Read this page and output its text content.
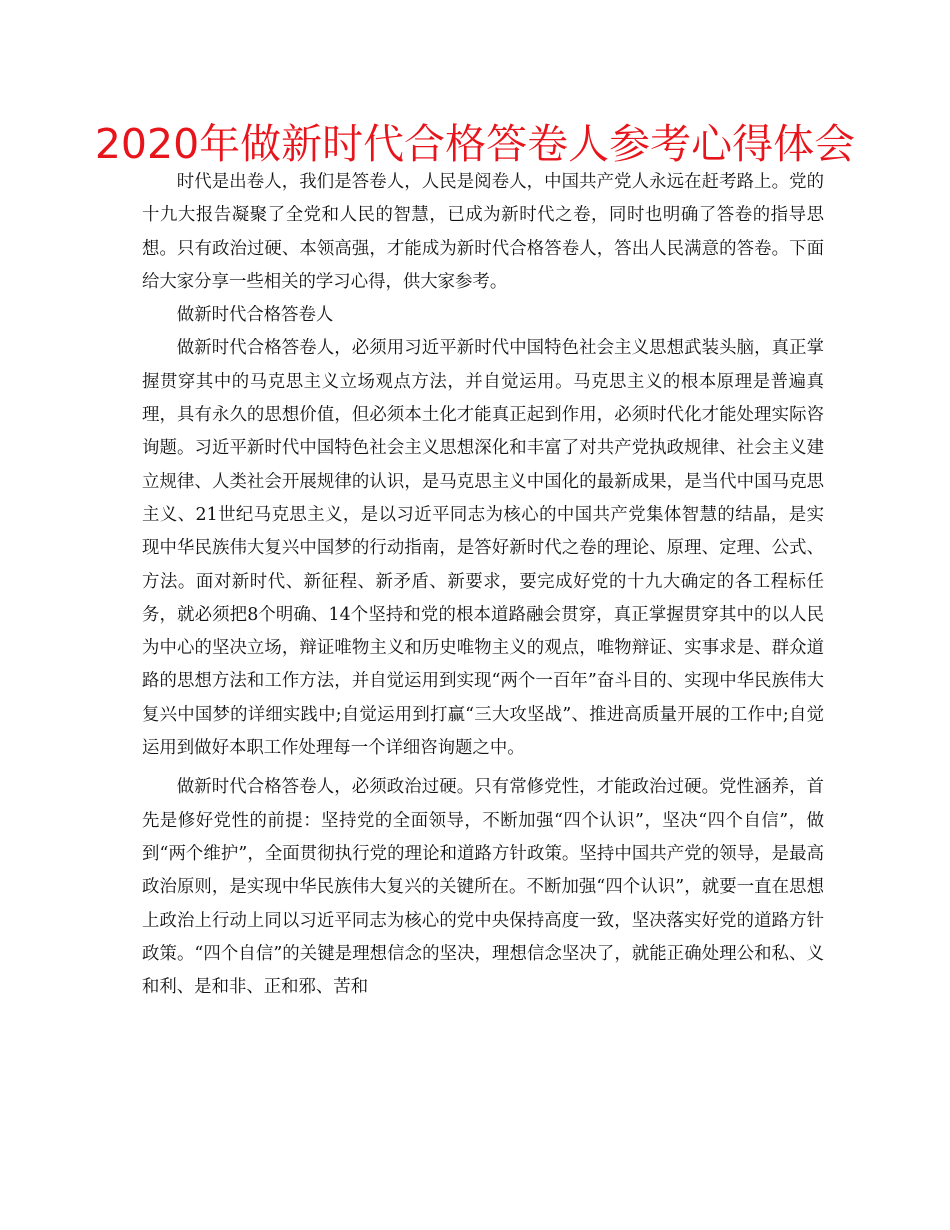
2020年做新时代合格答卷人参考心得体会

时代是出卷人，我们是答卷人，人民是阅卷人，中国共产党人永远在赶考路上。党的十九大报告凝聚了全党和人民的智慧，已成为新时代之卷，同时也明确了答卷的指导思想。只有政治过硬、本领高强，才能成为新时代合格答卷人，答出人民满意的答卷。下面给大家分享一些相关的学习心得，供大家参考。

做新时代合格答卷人

做新时代合格答卷人，必须用习近平新时代中国特色社会主义思想武装头脑，真正掌握贯穿其中的马克思主义立场观点方法，并自觉运用。马克思主义的根本原理是普遍真理，具有永久的思想价值，但必须本土化才能真正起到作用，必须时代化才能处理实际咨询题。习近平新时代中国特色社会主义思想深化和丰富了对共产党执政规律、社会主义建立规律、人类社会开展规律的认识，是马克思主义中国化的最新成果，是当代中国马克思主义、21世纪马克思主义，是以习近平同志为核心的中国共产党集体智慧的结晶，是实现中华民族伟大复兴中国梦的行动指南，是答好新时代之卷的理论、原理、定理、公式、方法。面对新时代、新征程、新矛盾、新要求，要完成好党的十九大确定的各工程标任务，就必须把8个明确、14个坚持和党的根本道路融会贯穿，真正掌握贯穿其中的以人民为中心的坚决立场，辩证唯物主义和历史唯物主义的观点，唯物辩证、实事求是、群众道路的思想方法和工作方法，并自觉运用到实现“两个一百年”奋斗目的、实现中华民族伟大复兴中国梦的详细实践中;自觉运用到打赢“三大攻坚战”、推进高质量开展的工作中;自觉运用到做好本职工作处理每一个详细咨询题之中。

做新时代合格答卷人，必须政治过硬。只有常修党性，才能政治过硬。党性涵养，首先是修好党性的前提：坚持党的全面领导，不断加强“四个认识”，坚决“四个自信”，做到“两个维护”，全面贯彻执行党的理论和道路方针政策。坚持中国共产党的领导，是最高政治原则，是实现中华民族伟大复兴的关键所在。不断加强“四个认识”，就要一直在思想上政治上行动上同以习近平同志为核心的党中央保持高度一致，坚决落实好党的道路方针政策。“四个自信”的关键是理想信念的坚决，理想信念坚决了，就能正确处理公和私、义和利、是和非、正和邪、苦和
